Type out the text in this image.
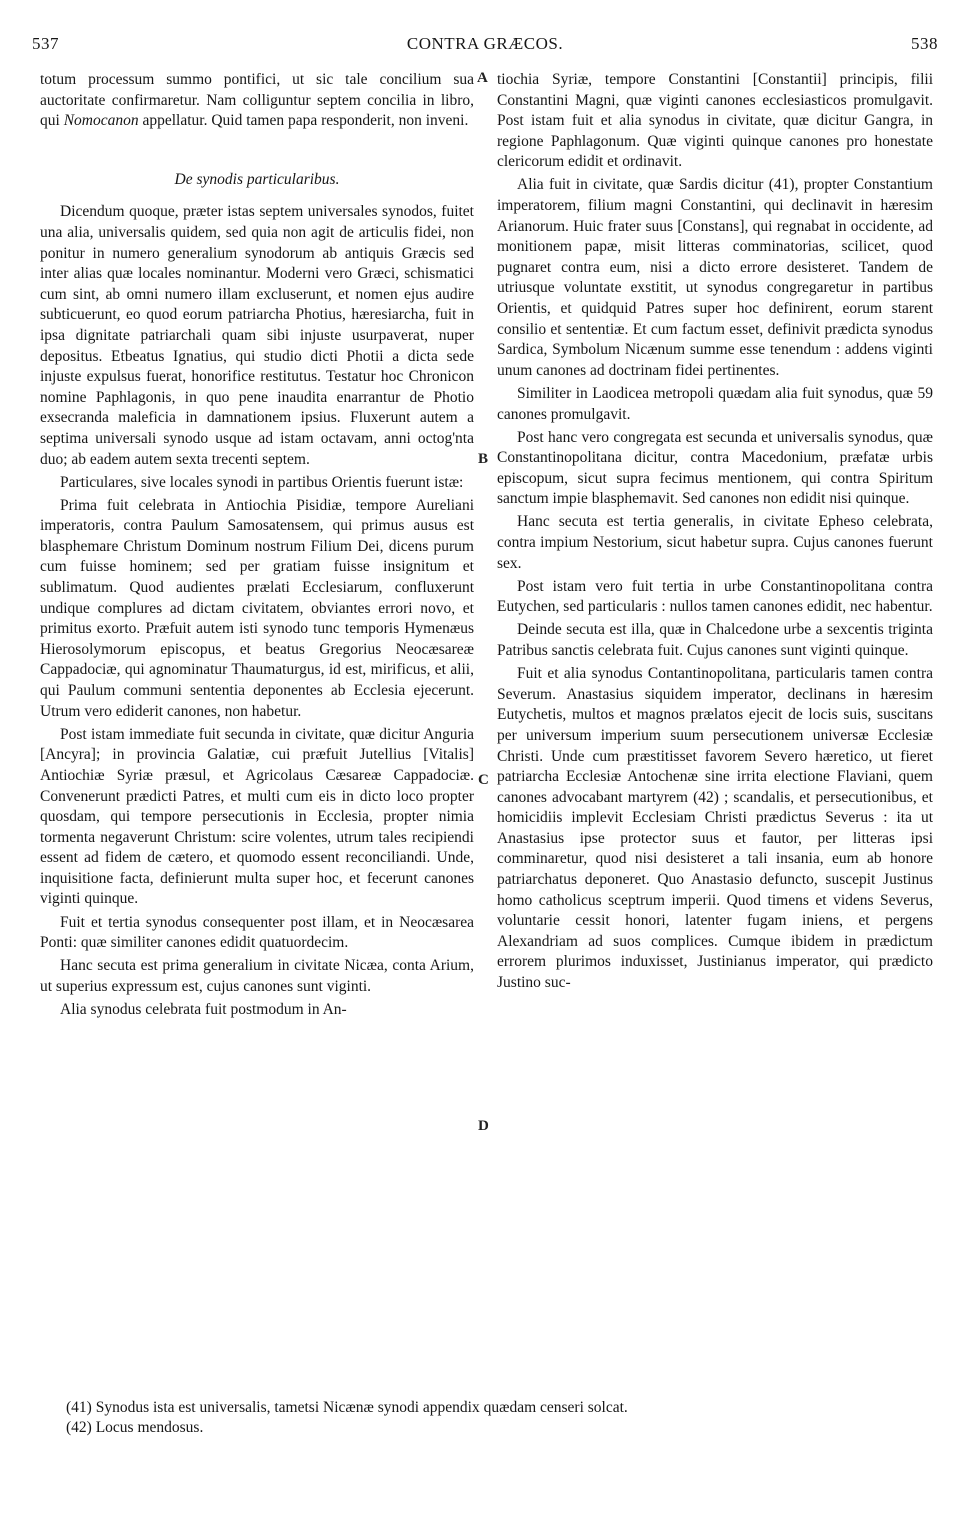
537	CONTRA GRÆCOS.	538
A
B
C
D

totum processum summo pontifici, ut sic tale concilium sua auctoritate confirmaretur. Nam colliguntur septem concilia in libro, qui Nomocanon appellatur. Quid tamen papa responderit, non inveni.

De synodis particularibus.

Dicendum quoque, præter istas septem universales synodos, fuitet una alia, universalis quidem, sed quia non agit de articulis fidei, non ponitur in numero generalium synodorum ab antiquis Græcis sed inter alias quæ locales nominantur. Moderni vero Græci, schismatici cum sint, ab omni numero illam excluserunt, et nomen ejus audire subticuerunt, eo quod eorum patriarcha Photius, hæresiarcha, fuit in ipsa dignitate patriarchali quam sibi injuste usurpaverat, nuper depositus. Etbeatus Ignatius, qui studio dicti Photii a dicta sede injuste expulsus fuerat, honorifice restitutus. Testatur hoc Chronicon nomine Paphlagonis, in quo pene inaudita enarrantur de Photio exsecranda maleficia in damnationem ipsius. Fluxerunt autem a septima universali synodo usque ad istam octavam, anni octog'nta duo; ab eadem autem sexta trecenti septem.

Particulares, sive locales synodi in partibus Orientis fuerunt istæ:

Prima fuit celebrata in Antiochia Pisidiæ, tempore Aureliani imperatoris, contra Paulum Samosatensem, qui primus ausus est blasphemare Christum Dominum nostrum Filium Dei, dicens purum cum fuisse hominem; sed per gratiam fuisse insignitum et sublimatum. Quod audientes prælati Ecclesiarum, confluxerunt undique complures ad dictam civitatem, obviantes errori novo, et primitus exorto. Præfuit autem isti synodo tunc temporis Hymenæus Hierosolymorum episcopus, et beatus Gregorius Neocæsareæ Cappadociæ, qui agnominatur Thaumaturgus, id est, mirificus, et alii, qui Paulum communi sententia deponentes ab Ecclesia ejecerunt. Utrum vero ediderit canones, non habetur.

Post istam immediate fuit secunda in civitate, quæ dicitur Anguria [Ancyra]; in provincia Galatiæ, cui præfuit Jutellius [Vitalis] Antiochiæ Syriæ præsul, et Agricolaus Cæsareæ Cappadociæ. Convenerunt prædicti Patres, et multi cum eis in dicto loco propter quosdam, qui tempore persecutionis in Ecclesia, propter nimia tormenta negaverunt Christum: scire volentes, utrum tales recipiendi essent ad fidem de cætero, et quomodo essent reconciliandi. Unde, inquisitione facta, definierunt multa super hoc, et fecerunt canones viginti quinque.

Fuit et tertia synodus consequenter post illam, et in Neocæsarea Ponti: quæ similiter canones edidit quatuordecim.

Hanc secuta est prima generalium in civitate Nicæa, conta Arium, ut superius expressum est, cujus canones sunt viginti.

Alia synodus celebrata fuit postmodum in An-

tiochia Syriæ, tempore Constantini [Constantii] principis, filii Constantini Magni, quæ viginti canones ecclesiasticos promulgavit. Post istam fuit et alia synodus in civitate, quæ dicitur Gangra, in regione Paphlagonum. Quæ viginti quinque canones pro honestate clericorum edidit et ordinavit.

Alia fuit in civitate, quæ Sardis dicitur (41), propter Constantium imperatorem, filium magni Constantini, qui declinavit in hæresim Arianorum. Huic frater suus [Constans], qui regnabat in occidente, ad monitionem papæ, misit litteras comminatorias, scilicet, quod pugnaret contra eum, nisi a dicto errore desisteret. Tandem de utriusque voluntate exstitit, ut synodus congregaretur in partibus Orientis, et quidquid Patres super hoc definirent, eorum starent consilio et sententiæ. Et cum factum esset, definivit prædicta synodus Sardica, Symbolum Nicænum summe esse tenendum : addens viginti unum canones ad doctrinam fidei pertinentes.

Similiter in Laodicea metropoli quædam alia fuit synodus, quæ 59 canones promulgavit.

Post hanc vero congregata est secunda et universalis synodus, quæ Constantinopolitana dicitur, contra Macedonium, præfatæ urbis episcopum, sicut supra fecimus mentionem, qui contra Spiritum sanctum impie blasphemavit. Sed canones non edidit nisi quinque.

Hanc secuta est tertia generalis, in civitate Epheso celebrata, contra impium Nestorium, sicut habetur supra. Cujus canones fuerunt sex.

Post istam vero fuit tertia in urbe Constantinopolitana contra Eutychen, sed particularis : nullos tamen canones edidit, nec habentur.

Deinde secuta est illa, quæ in Chalcedone urbe a sexcentis triginta Patribus sanctis celebrata fuit. Cujus canones sunt viginti quinque.

Fuit et alia synodus Contantinopolitana, particularis tamen contra Severum. Anastasius siquidem imperator, declinans in hæresim Eutychetis, multos et magnos prælatos ejecit de locis suis, suscitans per universum imperium suum persecutionem universæ Ecclesiæ Christi. Unde cum præstitisset favorem Severo hæretico, ut fieret patriarcha Ecclesiæ Antochenæ sine irrita electione Flaviani, quem canones advocabant martyrem (42) ; scandalis, et persecutionibus, et homicidiis implevit Ecclesiam Christi prædictus Severus : ita ut Anastasius ipse protector suus et fautor, per litteras ipsi comminaretur, quod nisi desisteret a tali insania, eum ab honore patriarchatus deponeret. Quo Anastasio defuncto, suscepit Justinus homo catholicus sceptrum imperii. Quod timens et videns Severus, voluntarie cessit honori, latenter fugam iniens, et pergens Alexandriam ad suos complices. Cumque ibidem in prædictum errorem plurimos induxisset, Justinianus imperator, qui prædicto Justino suc-

(41) Synodus ista est universalis, tametsi Nicænæ synodi appendix quædam censeri solcat.
(42) Locus mendosus.
